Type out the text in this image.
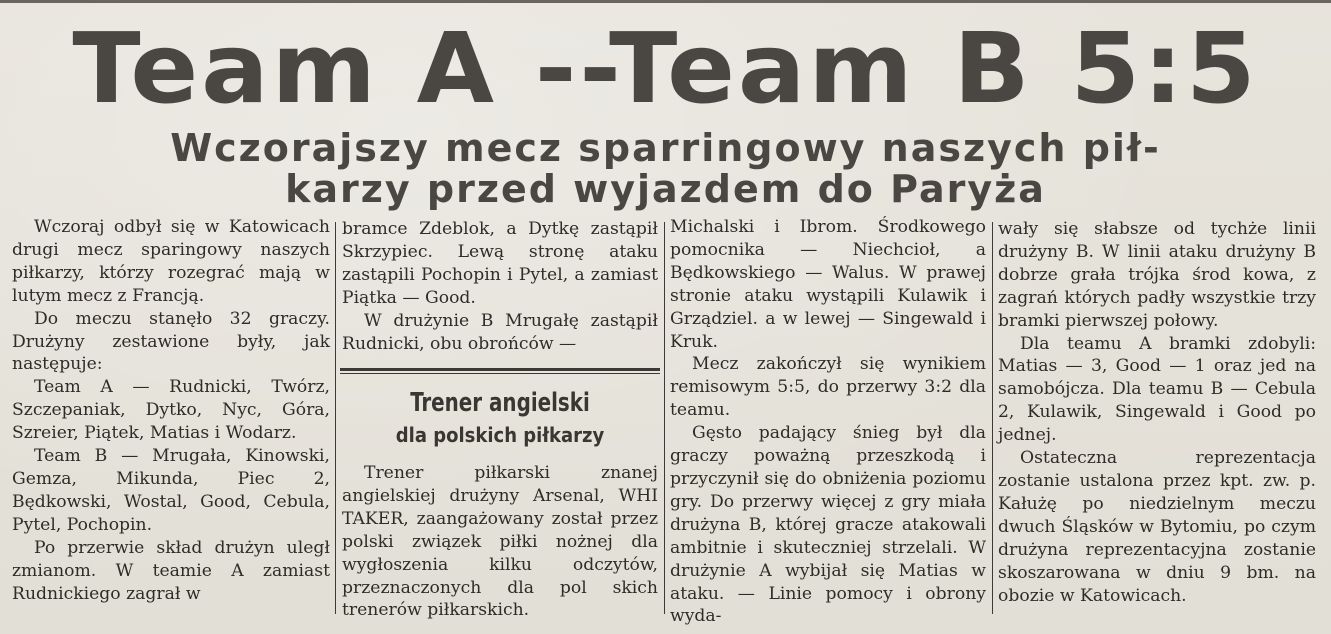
Team A --Team B 5:5
Wczorajszy mecz sparringowy naszych pił-
karzy przed wyjazdem do Paryża

Wczoraj odbył się w Katowicach drugi mecz sparingowy naszych piłkarzy, którzy rozegrać mają w lutym mecz z Francją.

Do meczu stanęło 32 graczy. Drużyny zestawione były, jak następuje:

Team A — Rudnicki, Twórz, Szczepaniak, Dytko, Nyc, Góra, Szreier, Piątek, Matias i Wodarz.

Team B — Mrugała, Kinowski, Gemza, Mikunda, Piec 2, Będkowski, Wostal, Good, Cebula, Pytel, Pochopin.

Po przerwie skład drużyn uległ zmianom. W teamie A zamiast Rudnickiego zagrał w

bramce Zdeblok, a Dytkę zastąpił Skrzypiec. Lewą stronę ataku zastąpili Pochopin i Pytel, a zamiast Piątka — Good.

W drużynie B Mrugałę zastąpił Rudnicki, obu obrońców —

Trener angielski
dla polskich piłkarzy

Trener piłkarski znanej angielskiej drużyny Arsenal, WHI TAKER, zaangażowany został przez polski związek piłki nożnej dla wygłoszenia kilku odczytów, przeznaczonych dla pol skich trenerów piłkarskich.

Michalski i Ibrom. Środkowego pomocnika — Niechcioł, a Będkowskiego — Walus. W prawej stronie ataku wystąpili Kulawik i Grządziel. a w lewej — Singewald i Kruk.

Mecz zakończył się wynikiem remisowym 5:5, do przerwy 3:2 dla teamu.

Gęsto padający śnieg był dla graczy poważną przeszkodą i przyczynił się do obniżenia poziomu gry. Do przerwy więcej z gry miała drużyna B, której gracze atakowali ambitnie i skuteczniej strzelali. W drużynie A wybijał się Matias w ataku. — Linie pomocy i obrony wyda-

wały się słabsze od tychże linii drużyny B. W linii ataku drużyny B dobrze grała trójka środ kowa, z zagrań których padły wszystkie trzy bramki pierwszej połowy.

Dla teamu A bramki zdobyli: Matias — 3, Good — 1 oraz jed na samobójcza. Dla teamu B — Cebula 2, Kulawik, Singewald i Good po jednej.

Ostateczna reprezentacja zostanie ustalona przez kpt. zw. p. Kałużę po niedzielnym meczu dwuch Śląsków w Bytomiu, po czym drużyna reprezentacyjna zostanie skoszarowana w dniu 9 bm. na obozie w Katowicach.
